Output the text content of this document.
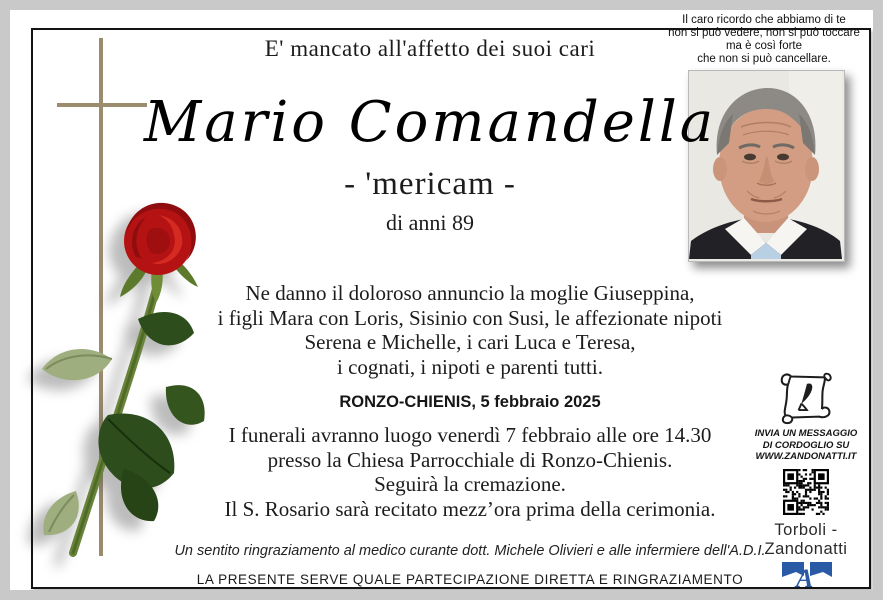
Il caro ricordo che abbiamo di te
non si può vedere, non si può toccare
ma è così forte
che non si può cancellare.
E' mancato all'affetto dei suoi cari
Mario Comandella
- 'mericam -
di anni 89
Ne danno il doloroso annuncio la moglie Giuseppina,
i figli Mara con Loris, Sisinio con Susi, le affezionate nipoti
Serena e Michelle, i cari Luca e Teresa,
i cognati, i nipoti e parenti tutti.
RONZO-CHIENIS, 5 febbraio 2025
I funerali avranno luogo venerdì 7 febbraio alle ore 14.30
presso la Chiesa Parrocchiale di Ronzo-Chienis.
Seguirà la cremazione.
Il S. Rosario sarà recitato mezz’ora prima della cerimonia.
Un sentito ringraziamento al medico curante dott. Michele Olivieri e alle infermiere dell'A.D.I.
LA PRESENTE SERVE QUALE PARTECIPAZIONE DIRETTA E RINGRAZIAMENTO
INVIA UN MESSAGGIO
DI CORDOGLIO SU
WWW.ZANDONATTI.IT
Torboli - Zandonatti
A
MORI (TN) 0464 - 918715
